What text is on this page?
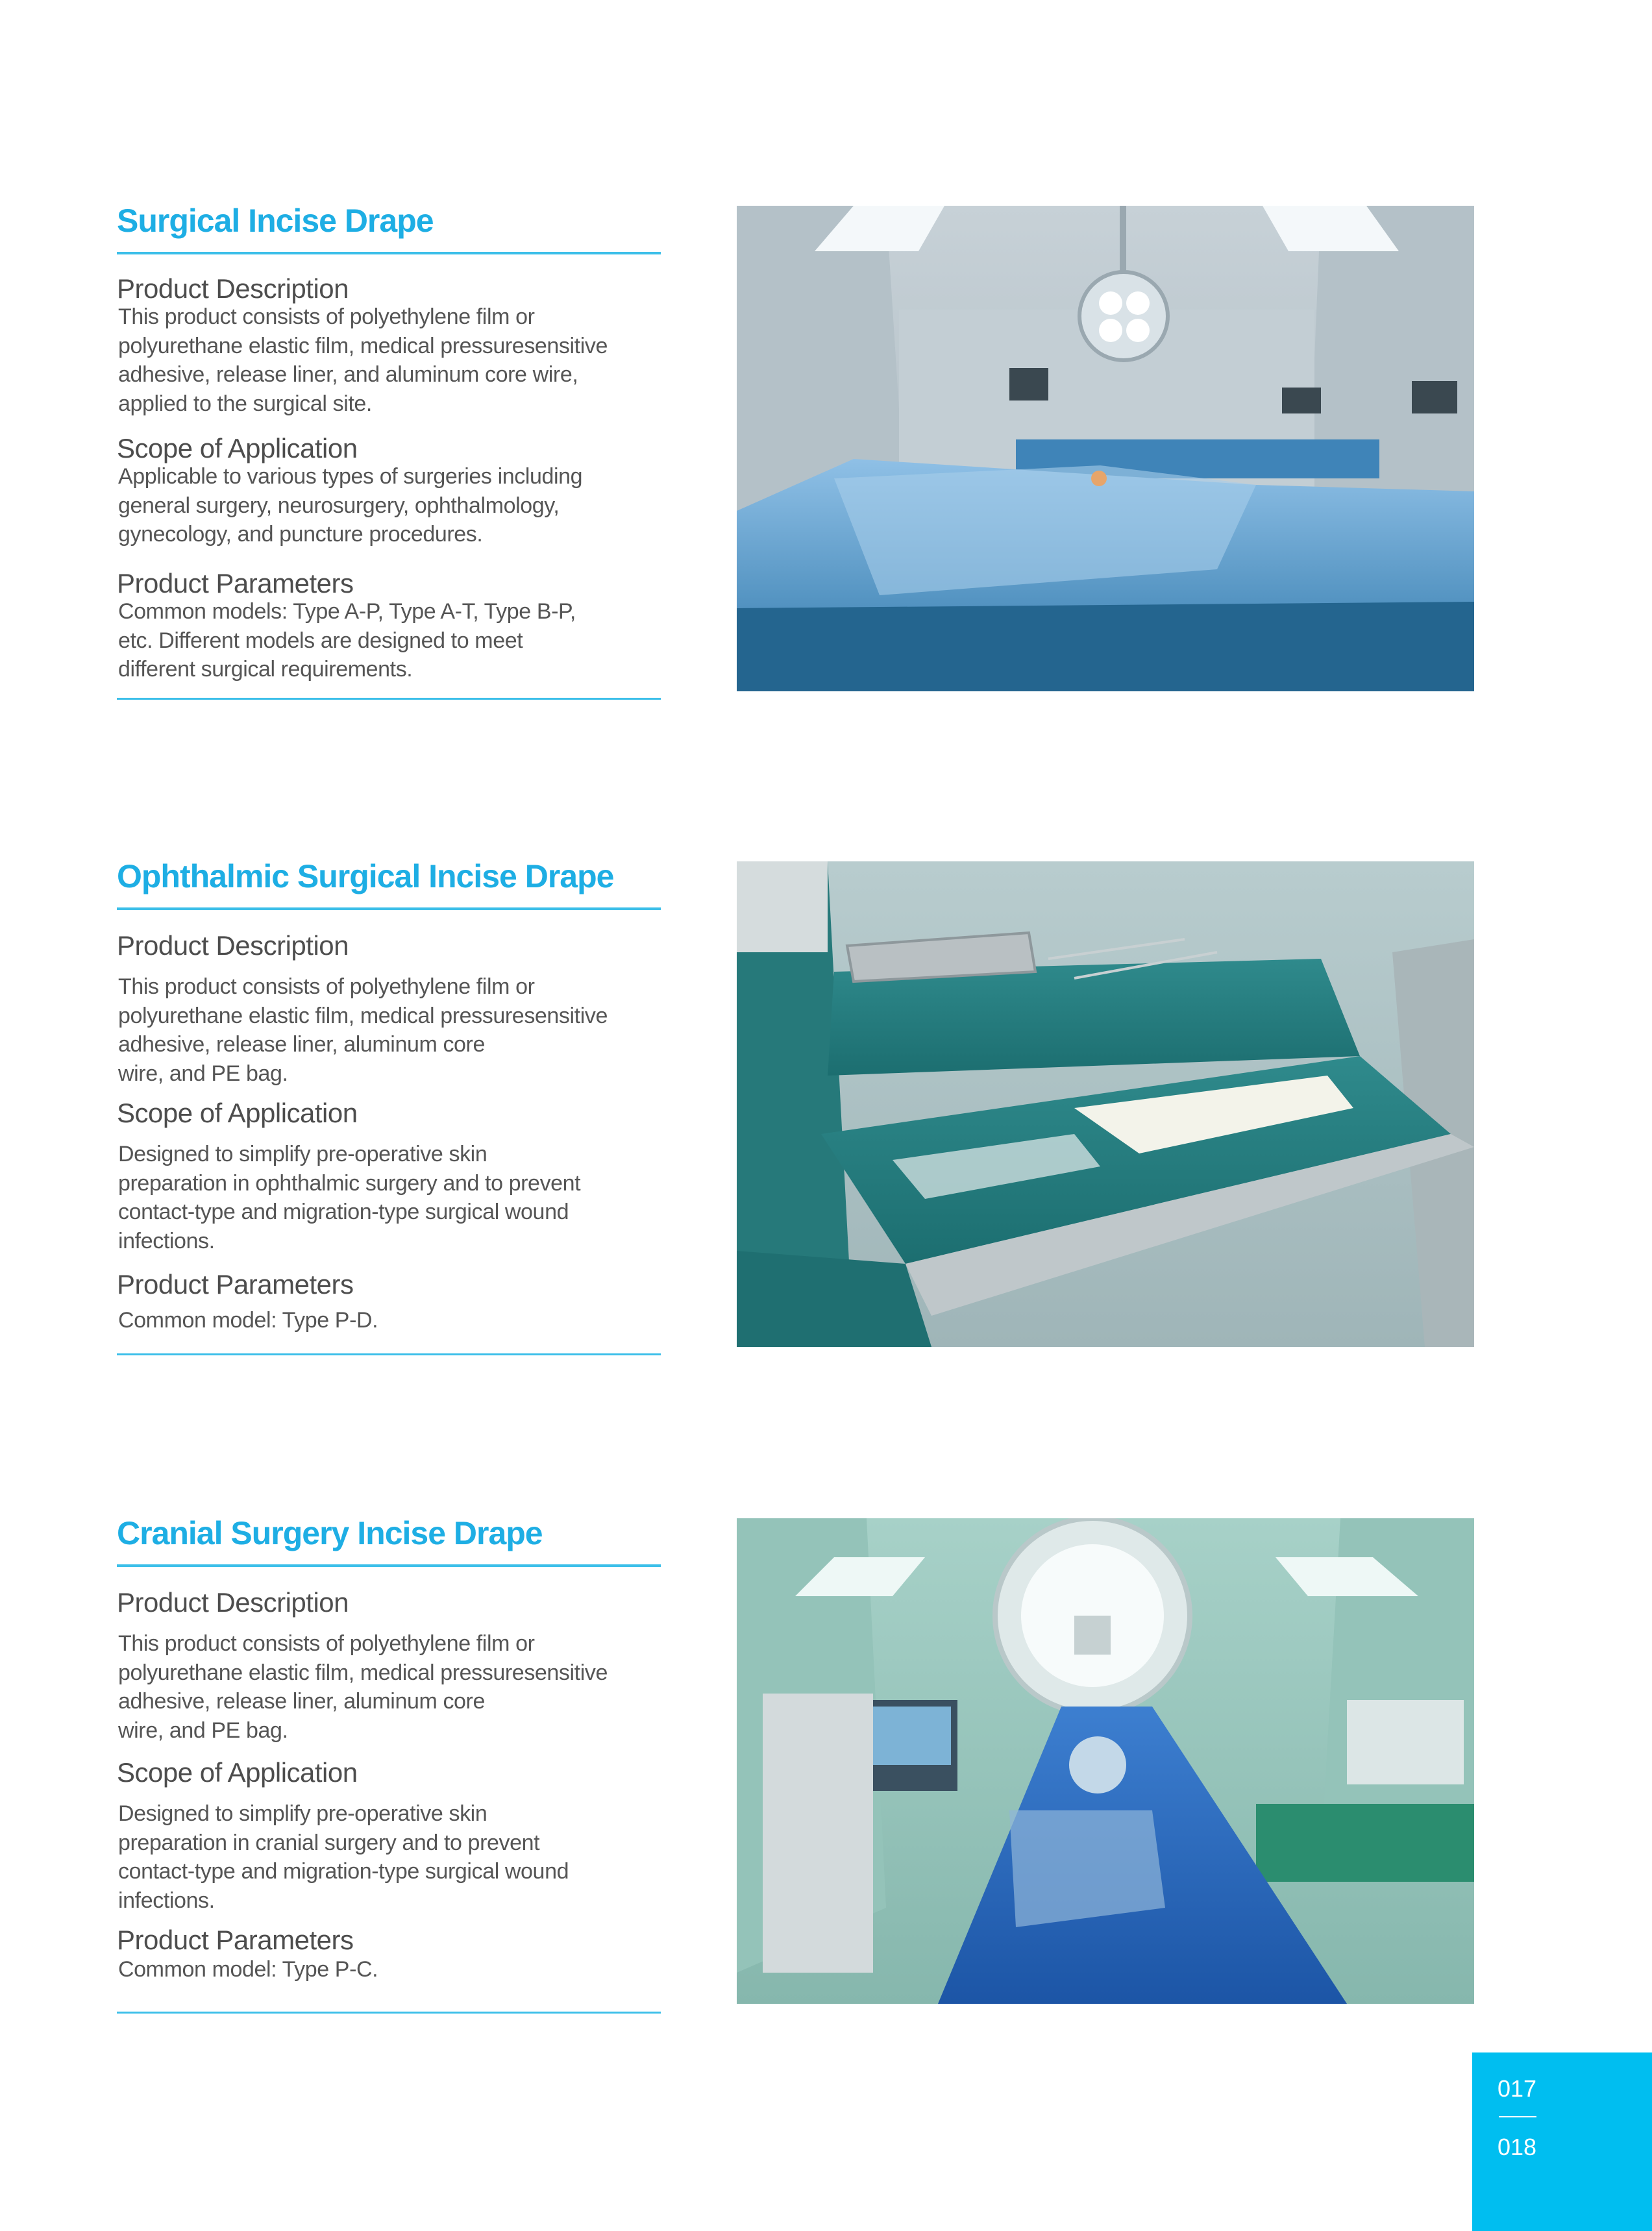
Surgical Incise Drape
Product Description
This product consists of polyethylene film or
polyurethane elastic film, medical pressuresensitive
adhesive, release liner, and aluminum core wire,
applied to the surgical site.
Scope of Application
Applicable to various types of surgeries including
general surgery, neurosurgery, ophthalmology,
gynecology, and puncture procedures.
Product Parameters
Common models: Type A-P, Type A-T, Type B-P,
etc. Different models are designed to meet
different surgical requirements.
Ophthalmic Surgical Incise Drape
Product Description
This product consists of polyethylene film or
polyurethane elastic film, medical pressuresensitive
adhesive, release liner, aluminum core
wire, and PE bag.
Scope of Application
Designed to simplify pre-operative skin
preparation in ophthalmic surgery and to prevent
contact-type and migration-type surgical wound
infections.
Product Parameters
Common model: Type P-D.
Cranial Surgery Incise Drape
Product Description
This product consists of polyethylene film or
polyurethane elastic film, medical pressuresensitive
adhesive, release liner, aluminum core
wire, and PE bag.
Scope of Application
Designed to simplify pre-operative skin
preparation in cranial surgery and to prevent
contact-type and migration-type surgical wound
infections.
Product Parameters
Common model: Type P-C.
017
018
